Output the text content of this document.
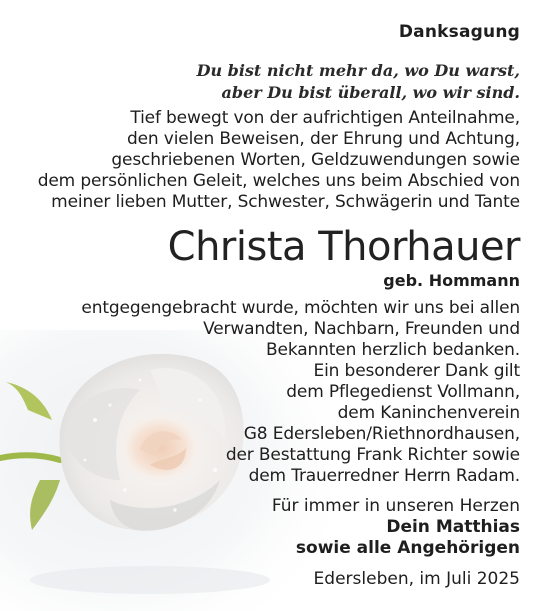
Danksagung
Du bist nicht mehr da, wo Du warst,
aber Du bist überall, wo wir sind.
Tief bewegt von der aufrichtigen Anteilnahme,
den vielen Beweisen, der Ehrung und Achtung,
geschriebenen Worten, Geldzuwendungen sowie
dem persönlichen Geleit, welches uns beim Abschied von
meiner lieben Mutter, Schwester, Schwägerin und Tante
Christa Thorhauer
geb. Hommann
entgegengebracht wurde, möchten wir uns bei allen
Verwandten, Nachbarn, Freunden und
Bekannten herzlich bedanken.
Ein besonderer Dank gilt
dem Pflegedienst Vollmann,
dem Kaninchenverein
G8 Edersleben/Riethnordhausen,
der Bestattung Frank Richter sowie
dem Trauerredner Herrn Radam.
Für immer in unseren Herzen
Dein Matthias
sowie alle Angehörigen
Edersleben, im Juli 2025
